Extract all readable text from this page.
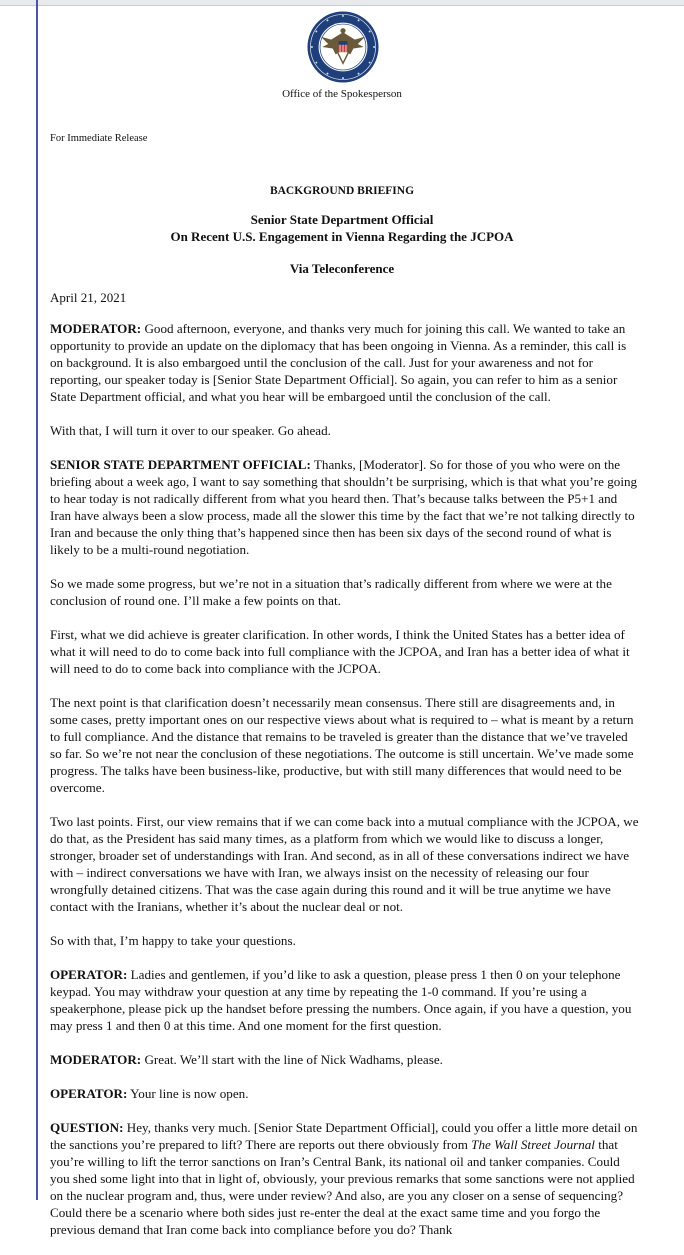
Office of the Spokesperson
For Immediate Release
BACKGROUND BRIEFING
Senior State Department Official
On Recent U.S. Engagement in Vienna Regarding the JCPOA
Via Teleconference
April 21, 2021

MODERATOR: Good afternoon, everyone, and thanks very much for joining this call. We wanted to take an opportunity to provide an update on the diplomacy that has been ongoing in Vienna. As a reminder, this call is on background. It is also embargoed until the conclusion of the call. Just for your awareness and not for reporting, our speaker today is [Senior State Department Official]. So again, you can refer to him as a senior State Department official, and what you hear will be embargoed until the conclusion of the call.

With that, I will turn it over to our speaker. Go ahead.

SENIOR STATE DEPARTMENT OFFICIAL: Thanks, [Moderator]. So for those of you who were on the briefing about a week ago, I want to say something that shouldn’t be surprising, which is that what you’re going to hear today is not radically different from what you heard then. That’s because talks between the P5+1 and Iran have always been a slow process, made all the slower this time by the fact that we’re not talking directly to Iran and because the only thing that’s happened since then has been six days of the second round of what is likely to be a multi-round negotiation.

So we made some progress, but we’re not in a situation that’s radically different from where we were at the conclusion of round one. I’ll make a few points on that.

First, what we did achieve is greater clarification. In other words, I think the United States has a better idea of what it will need to do to come back into full compliance with the JCPOA, and Iran has a better idea of what it will need to do to come back into compliance with the JCPOA.

The next point is that clarification doesn’t necessarily mean consensus. There still are disagreements and, in some cases, pretty important ones on our respective views about what is required to – what is meant by a return to full compliance. And the distance that remains to be traveled is greater than the distance that we’ve traveled so far. So we’re not near the conclusion of these negotiations. The outcome is still uncertain. We’ve made some progress. The talks have been business-like, productive, but with still many differences that would need to be overcome.

Two last points. First, our view remains that if we can come back into a mutual compliance with the JCPOA, we do that, as the President has said many times, as a platform from which we would like to discuss a longer, stronger, broader set of understandings with Iran. And second, as in all of these conversations indirect we have with – indirect conversations we have with Iran, we always insist on the necessity of releasing our four wrongfully detained citizens. That was the case again during this round and it will be true anytime we have contact with the Iranians, whether it’s about the nuclear deal or not.

So with that, I’m happy to take your questions.

OPERATOR: Ladies and gentlemen, if you’d like to ask a question, please press 1 then 0 on your telephone keypad. You may withdraw your question at any time by repeating the 1-0 command. If you’re using a speakerphone, please pick up the handset before pressing the numbers. Once again, if you have a question, you may press 1 and then 0 at this time. And one moment for the first question.

MODERATOR: Great. We’ll start with the line of Nick Wadhams, please.

OPERATOR: Your line is now open.

QUESTION: Hey, thanks very much. [Senior State Department Official], could you offer a little more detail on the sanctions you’re prepared to lift? There are reports out there obviously from The Wall Street Journal that you’re willing to lift the terror sanctions on Iran’s Central Bank, its national oil and tanker companies. Could you shed some light into that in light of, obviously, your previous remarks that some sanctions were not applied on the nuclear program and, thus, were under review? And also, are you any closer on a sense of sequencing? Could there be a scenario where both sides just re-enter the deal at the exact same time and you forgo the previous demand that Iran come back into compliance before you do? Thank
